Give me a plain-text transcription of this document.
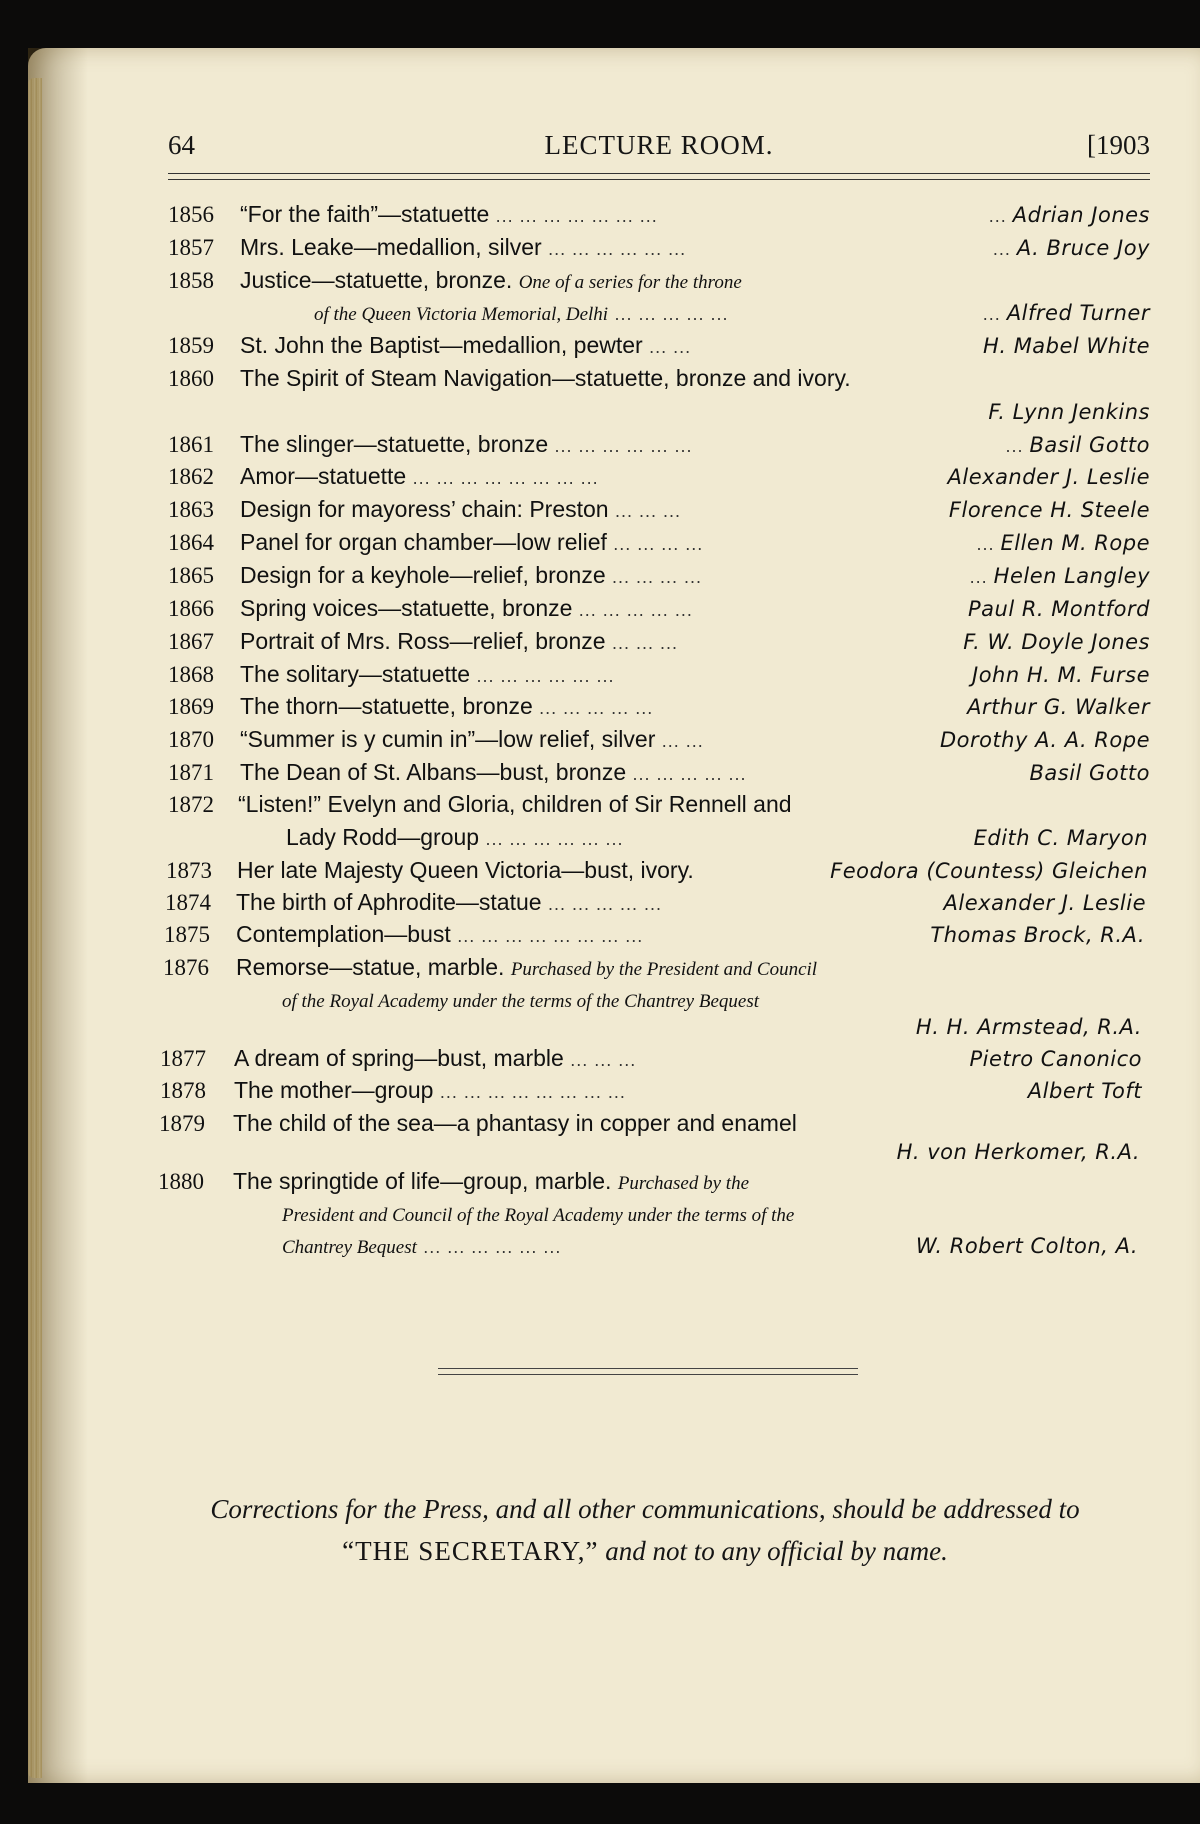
64	LECTURE ROOM.	[1903
1856 “For the faith”—statuette ... ... ... ... ... ... ...	... Adrian Jones
1857 Mrs. Leake—medallion, silver ... ... ... ... ... ...	... A. Bruce Joy
1858 Justice—statuette, bronze. One of a series for the throne
of the Queen Victoria Memorial, Delhi ... ... ... ... ...	... Alfred Turner
1859 St. John the Baptist—medallion, pewter ... ...	H. Mabel White
1860 The Spirit of Steam Navigation—statuette, bronze and ivory.
F. Lynn Jenkins
1861 The slinger—statuette, bronze ... ... ... ... ... ...	... Basil Gotto
1862 Amor—statuette ... ... ... ... ... ... ... ...	Alexander J. Leslie
1863 Design for mayoress’ chain: Preston ... ... ...	Florence H. Steele
1864 Panel for organ chamber—low relief ... ... ... ...	... Ellen M. Rope
1865 Design for a keyhole—relief, bronze ... ... ... ...	... Helen Langley
1866 Spring voices—statuette, bronze ... ... ... ... ...	Paul R. Montford
1867 Portrait of Mrs. Ross—relief, bronze ... ... ...	F. W. Doyle Jones
1868 The solitary—statuette ... ... ... ... ... ...	John H. M. Furse
1869 The thorn—statuette, bronze ... ... ... ... ...	Arthur G. Walker
1870 “Summer is y cumin in”—low relief, silver ... ...	Dorothy A. A. Rope
1871 The Dean of St. Albans—bust, bronze ... ... ... ... ...	Basil Gotto
1872 “Listen!” Evelyn and Gloria, children of Sir Rennell and
Lady Rodd—group ... ... ... ... ... ...	Edith C. Maryon
1873 Her late Majesty Queen Victoria—bust, ivory.	Feodora (Countess) Gleichen
1874 The birth of Aphrodite—statue ... ... ... ... ...	Alexander J. Leslie
1875 Contemplation—bust ... ... ... ... ... ... ... ...	Thomas Brock, R.A.
1876 Remorse—statue, marble. Purchased by the President and Council
of the Royal Academy under the terms of the Chantrey Bequest
H. H. Armstead, R.A.
1877 A dream of spring—bust, marble ... ... ...	Pietro Canonico
1878 The mother—group ... ... ... ... ... ... ... ...	Albert Toft
1879 The child of the sea—a phantasy in copper and enamel
H. von Herkomer, R.A.
1880 The springtide of life—group, marble. Purchased by the
President and Council of the Royal Academy under the terms of the
Chantrey Bequest ... ... ... ... ... ...	W. Robert Colton, A.
Corrections for the Press, and all other communications, should be addressed to
“THE SECRETARY,” and not to any official by name.
